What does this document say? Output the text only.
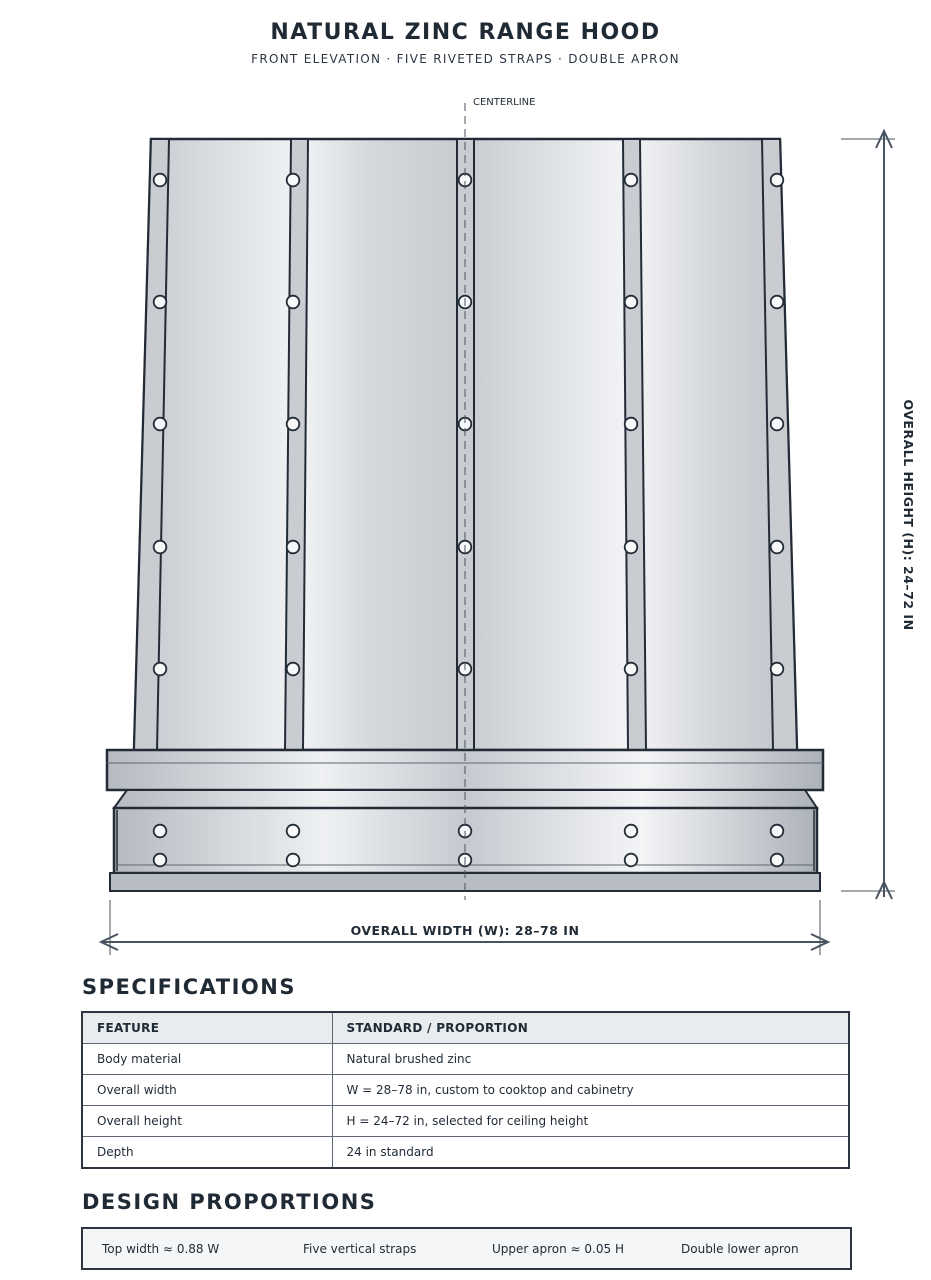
NATURAL ZINC RANGE HOOD
FRONT ELEVATION · FIVE RIVETED STRAPS · DOUBLE APRON
CENTERLINE
OVERALL HEIGHT (H): 24–72 IN
OVERALL WIDTH (W): 28–78 IN
SPECIFICATIONS
FEATURE	STANDARD / PROPORTION
Body material	Natural brushed zinc
Overall width	W = 28–78 in, custom to cooktop and cabinetry
Overall height	H = 24–72 in, selected for ceiling height
Depth	24 in standard
DESIGN PROPORTIONS
Top width ≈ 0.88 W	Five vertical straps	Upper apron ≈ 0.05 H	Double lower apron
